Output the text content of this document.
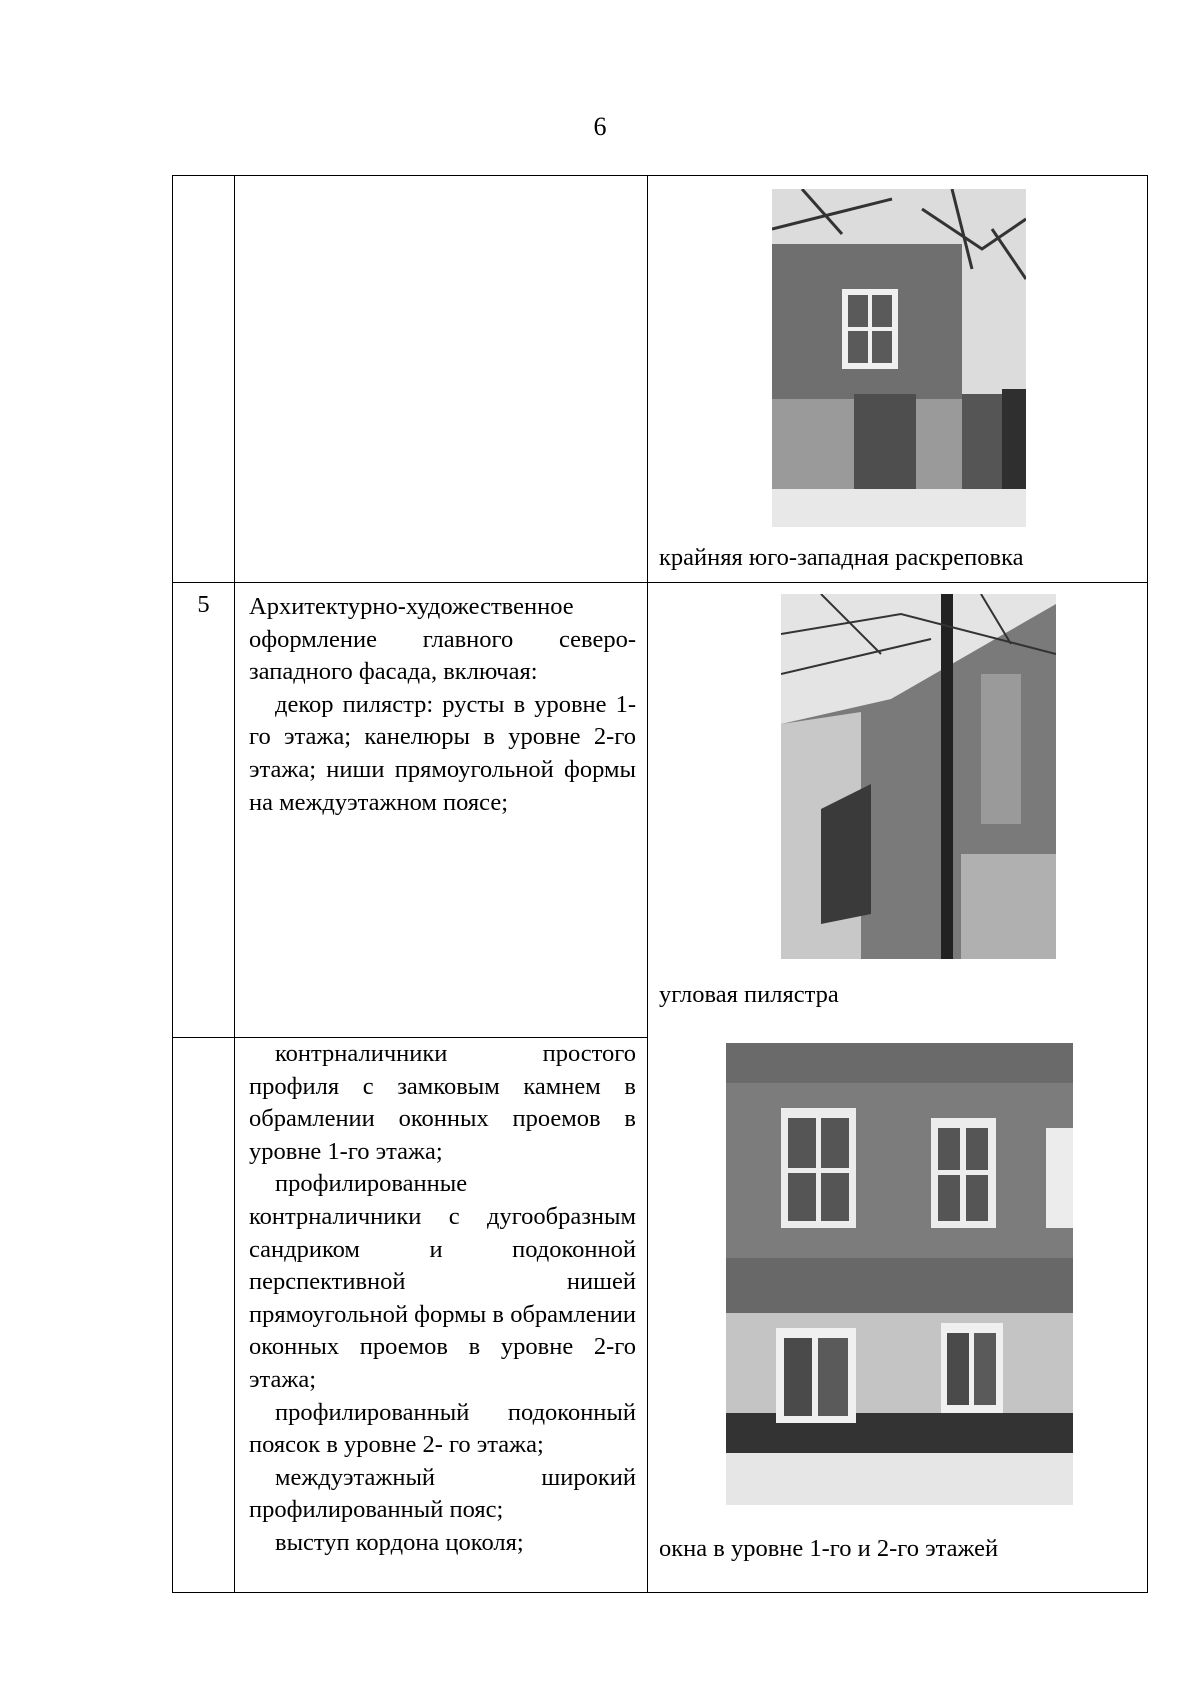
6

		крайняя юго-западная раскреповка

5	Архитектурно-художественное оформление главного северо-западного фасада, включая:

декор пилястр: русты в уровне 1-го этажа; канелюры в уровне 2-го этажа; ниши прямоугольной формы на междуэтажном поясе;	угловая пилястра

	контрналичники простого профиля с замковым камнем в обрамлении оконных проемов в уровне 1-го этажа;

профилированные контрналичники с дугообразным сандриком и подоконной перспективной нишей прямоугольной формы в обрамлении оконных проемов в уровне 2-го этажа;

профилированный подоконный поясок в уровне 2- го этажа;

междуэтажный широкий профилированный пояс;

выступ кордона цоколя;	окна в уровне 1-го и 2-го этажей
